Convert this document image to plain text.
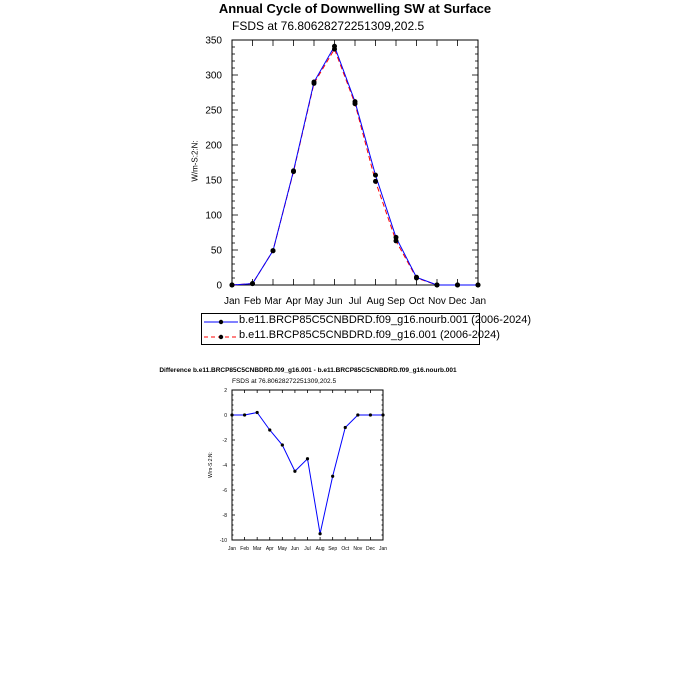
Annual Cycle of Downwelling SW at Surface
FSDS at 76.80628272251309,202.5
W/m-S:2:N:
0
50
100
150
200
250
300
350
Jan Feb Mar Apr May Jun Jul Aug Sep Oct Nov Dec Jan
2
0
-2
-4
-6
-8
-10
Jan Feb Mar Apr May Jun Jul Aug Sep Oct Nov Dec Jan
b.e11.BRCP85C5CNBDRD.f09_g16.nourb.001 (2006-2024)
b.e11.BRCP85C5CNBDRD.f09_g16.001 (2006-2024)
Difference b.e11.BRCP85C5CNBDRD.f09_g16.001 - b.e11.BRCP85C5CNBDRD.f09_g16.nourb.001
FSDS at 76.80628272251309,202.5
W/m-S:2:N:
